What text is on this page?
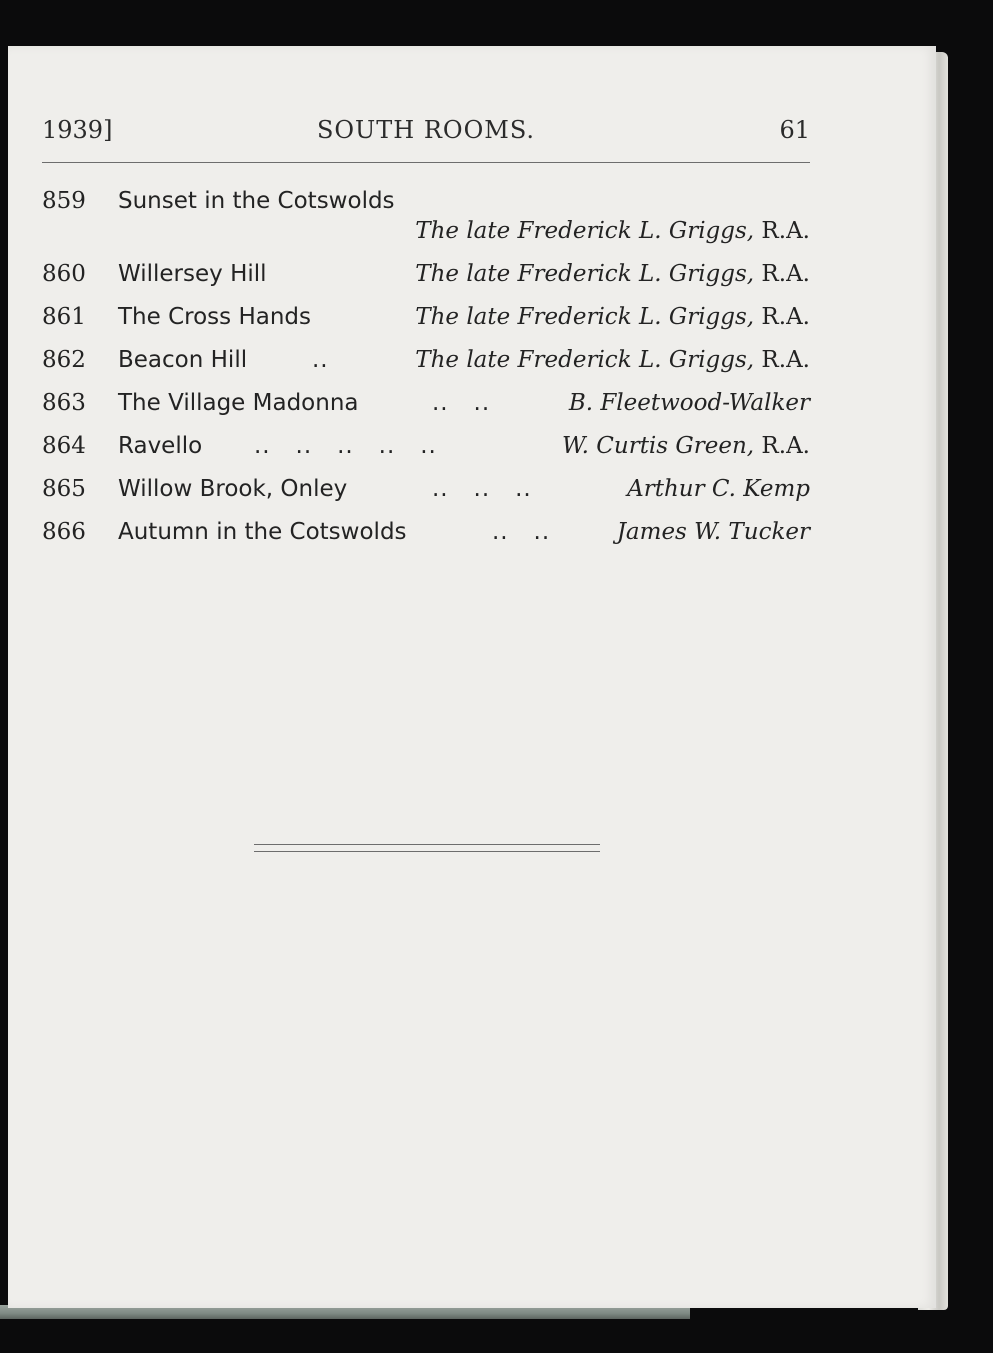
1939]	SOUTH ROOMS.	61
859 Sunset in the Cotswolds
The late Frederick L. Griggs, R.A.
860 Willersey Hill	The late Frederick L. Griggs, R.A.
861 The Cross Hands	The late Frederick L. Griggs, R.A.
862 Beacon Hill	..	The late Frederick L. Griggs, R.A.
863 The Village Madonna	..   ..	B. Fleetwood-Walker
864 Ravello ..   ..   ..   ..   ..	W. Curtis Green, R.A.
865 Willow Brook, Onley	..   ..   ..	Arthur C. Kemp
866 Autumn in the Cotswolds	..   ..	James W. Tucker
